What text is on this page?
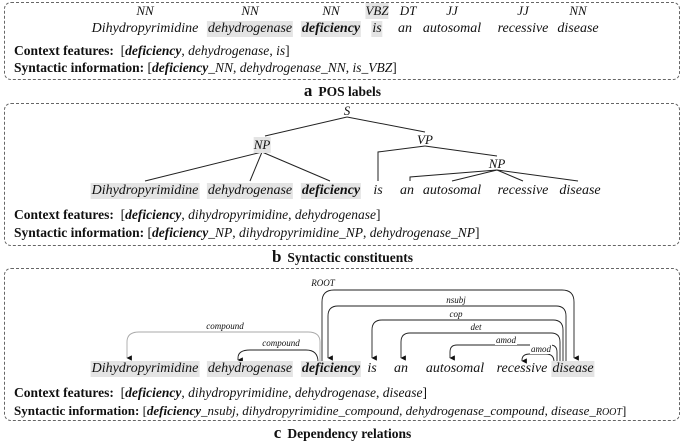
NN	NN	NN VBZ DT JJ	JJ	NN
Dihydropyrimidine dehydrogenase deficiency is an autosomal recessive disease
Context features:  [deficiency, dehydrogenase, is]
Syntactic information: [deficiency_NN, dehydrogenase_NN, is_VBZ]
a POS labels
S
NP	VP
NP
Dihydropyrimidine dehydrogenase deficiency is an autosomal recessive disease
Context features:  [deficiency, dihydropyrimidine, dehydrogenase]
Syntactic information: [deficiency_NP, dihydropyrimidine_NP, dehydrogenase_NP]
b Syntactic constituents
ROOT
nsubj
cop
det
amod
amod
compound
compound
Dihydropyrimidine dehydrogenase deficiency is an autosomal recessive disease
Context features:  [deficiency, dihydropyrimidine, dehydrogenase, disease]
Syntactic information: [deficiency_nsubj, dihydropyrimidine_compound, dehydrogenase_compound, disease_ROOT]
c Dependency relations
